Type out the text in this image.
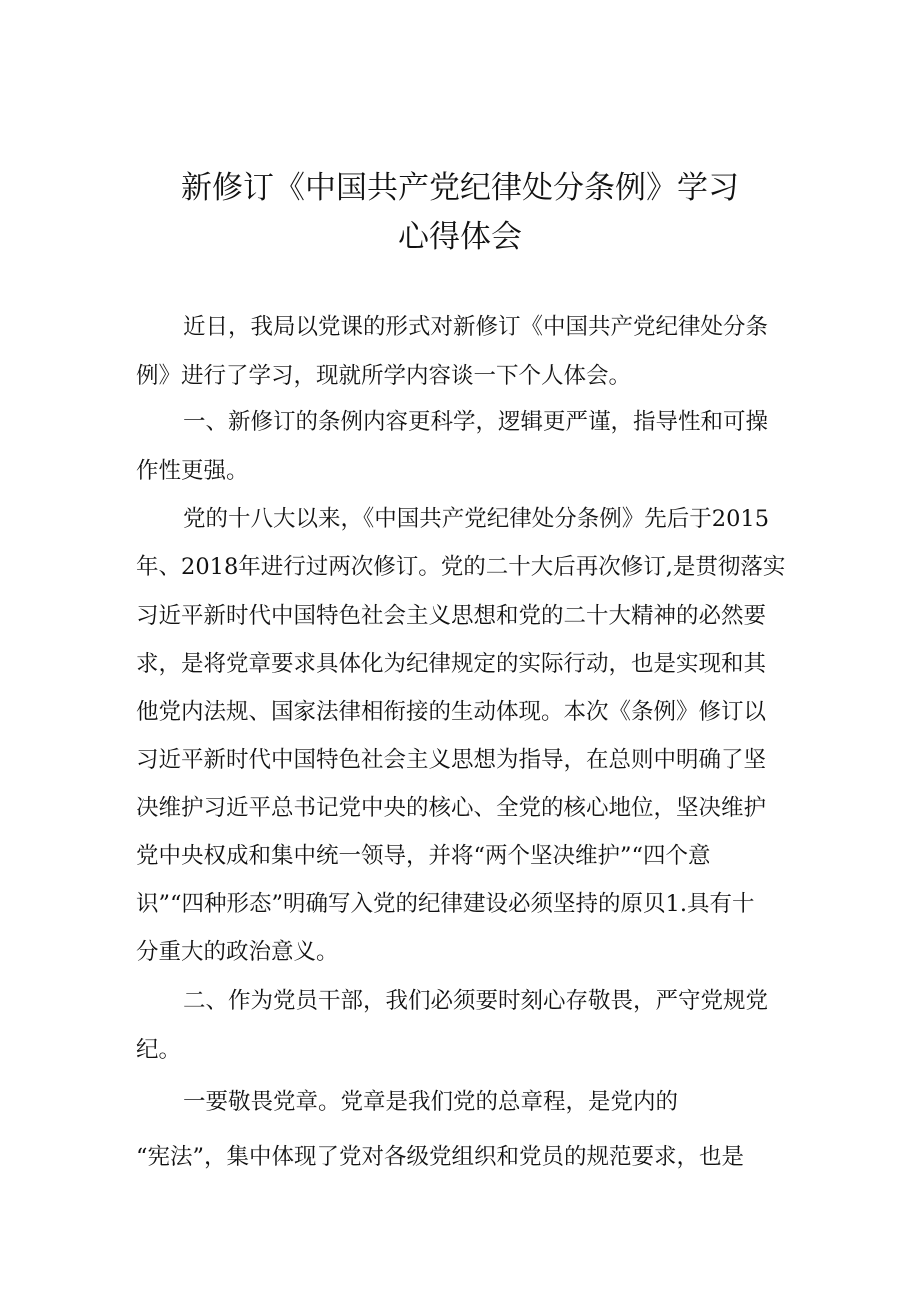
新修订《中国共产党纪律处分条例》学习
心得体会
近日，我局以党课的形式对新修订《中国共产党纪律处分条
例》进行了学习，现就所学内容谈一下个人体会。
一、新修订的条例内容更科学，逻辑更严谨，指导性和可操
作性更强。
党的十八大以来，《中国共产党纪律处分条例》先后于2015
年、2018年进行过两次修订。党的二十大后再次修订,是贯彻落实
习近平新时代中国特色社会主义思想和党的二十大精神的必然要
求，是将党章要求具体化为纪律规定的实际行动，也是实现和其
他党内法规、国家法律相衔接的生动体现。本次《条例》修订以
习近平新时代中国特色社会主义思想为指导，在总则中明确了坚
决维护习近平总书记党中央的核心、全党的核心地位，坚决维护
党中央权成和集中统一领导，并将“两个坚决维护”“四个意
识”“四种形态”明确写入党的纪律建设必须坚持的原贝1.具有十
分重大的政治意义。
二、作为党员干部，我们必须要时刻心存敬畏，严守党规党
纪。
一要敬畏党章。党章是我们党的总章程，是党内的
“宪法”，集中体现了党对各级党组织和党员的规范要求，也是
